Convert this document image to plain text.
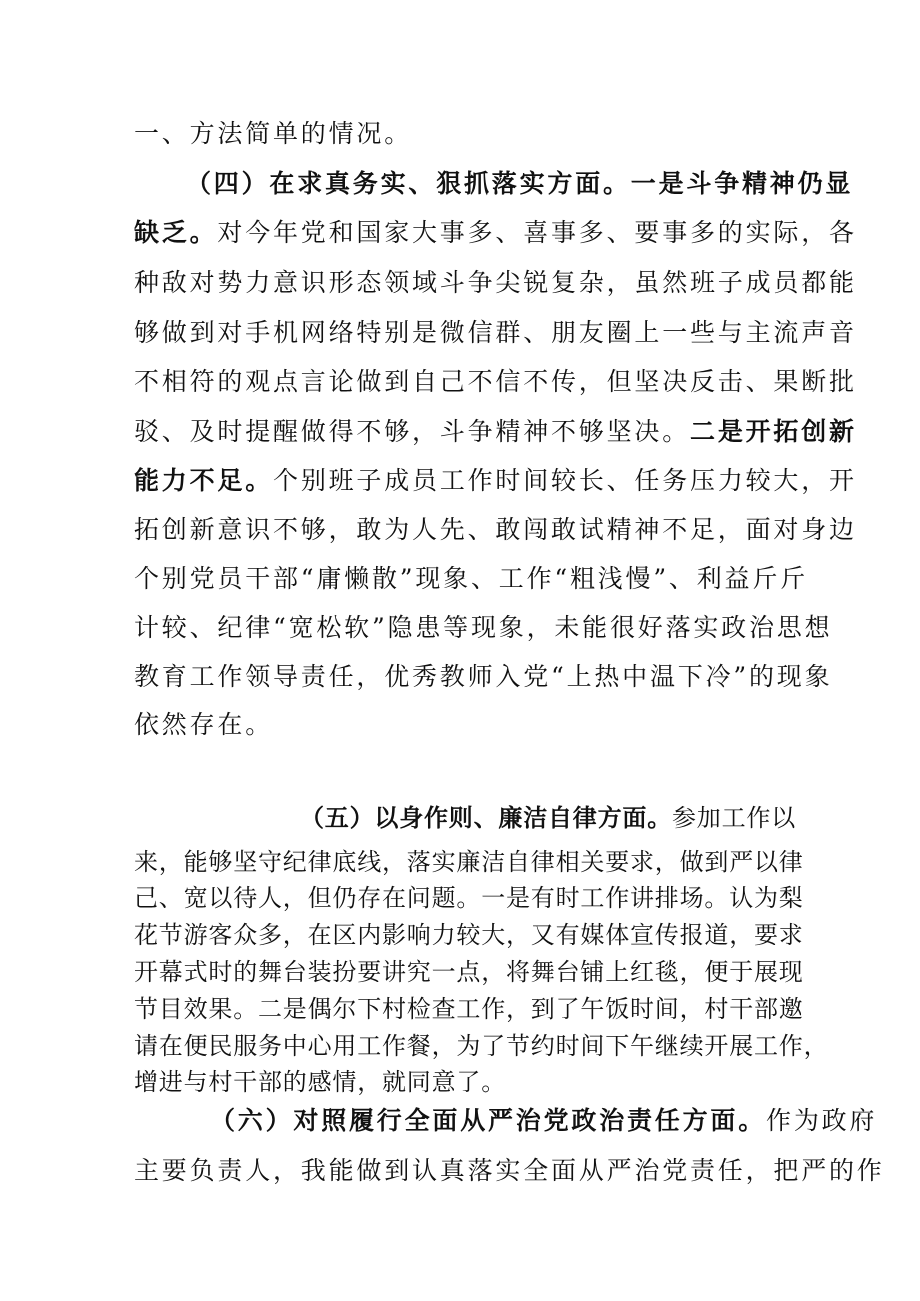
一、方法简单的情况。
（四）在求真务实、狠抓落实方面。一是斗争精神仍显
缺乏。对今年党和国家大事多、喜事多、要事多的实际，各
种敌对势力意识形态领域斗争尖锐复杂，虽然班子成员都能
够做到对手机网络特别是微信群、朋友圈上一些与主流声音
不相符的观点言论做到自己不信不传，但坚决反击、果断批
驳、及时提醒做得不够，斗争精神不够坚决。二是开拓创新
能力不足。个别班子成员工作时间较长、任务压力较大，开
拓创新意识不够，敢为人先、敢闯敢试精神不足，面对身边
个别党员干部“庸懒散”现象、工作“粗浅慢”、利益斤斤
计较、纪律“宽松软”隐患等现象，未能很好落实政治思想
教育工作领导责任，优秀教师入党“上热中温下冷”的现象
依然存在。
（五）以身作则、廉洁自律方面。参加工作以
来，能够坚守纪律底线，落实廉洁自律相关要求，做到严以律
己、宽以待人，但仍存在问题。一是有时工作讲排场。认为梨
花节游客众多，在区内影响力较大，又有媒体宣传报道，要求
开幕式时的舞台装扮要讲究一点，将舞台铺上红毯，便于展现
节目效果。二是偶尔下村检查工作，到了午饭时间，村干部邀
请在便民服务中心用工作餐，为了节约时间下午继续开展工作，
增进与村干部的感情，就同意了。
（六）对照履行全面从严治党政治责任方面。作为政府
主要负责人，我能做到认真落实全面从严治党责任，把严的作
